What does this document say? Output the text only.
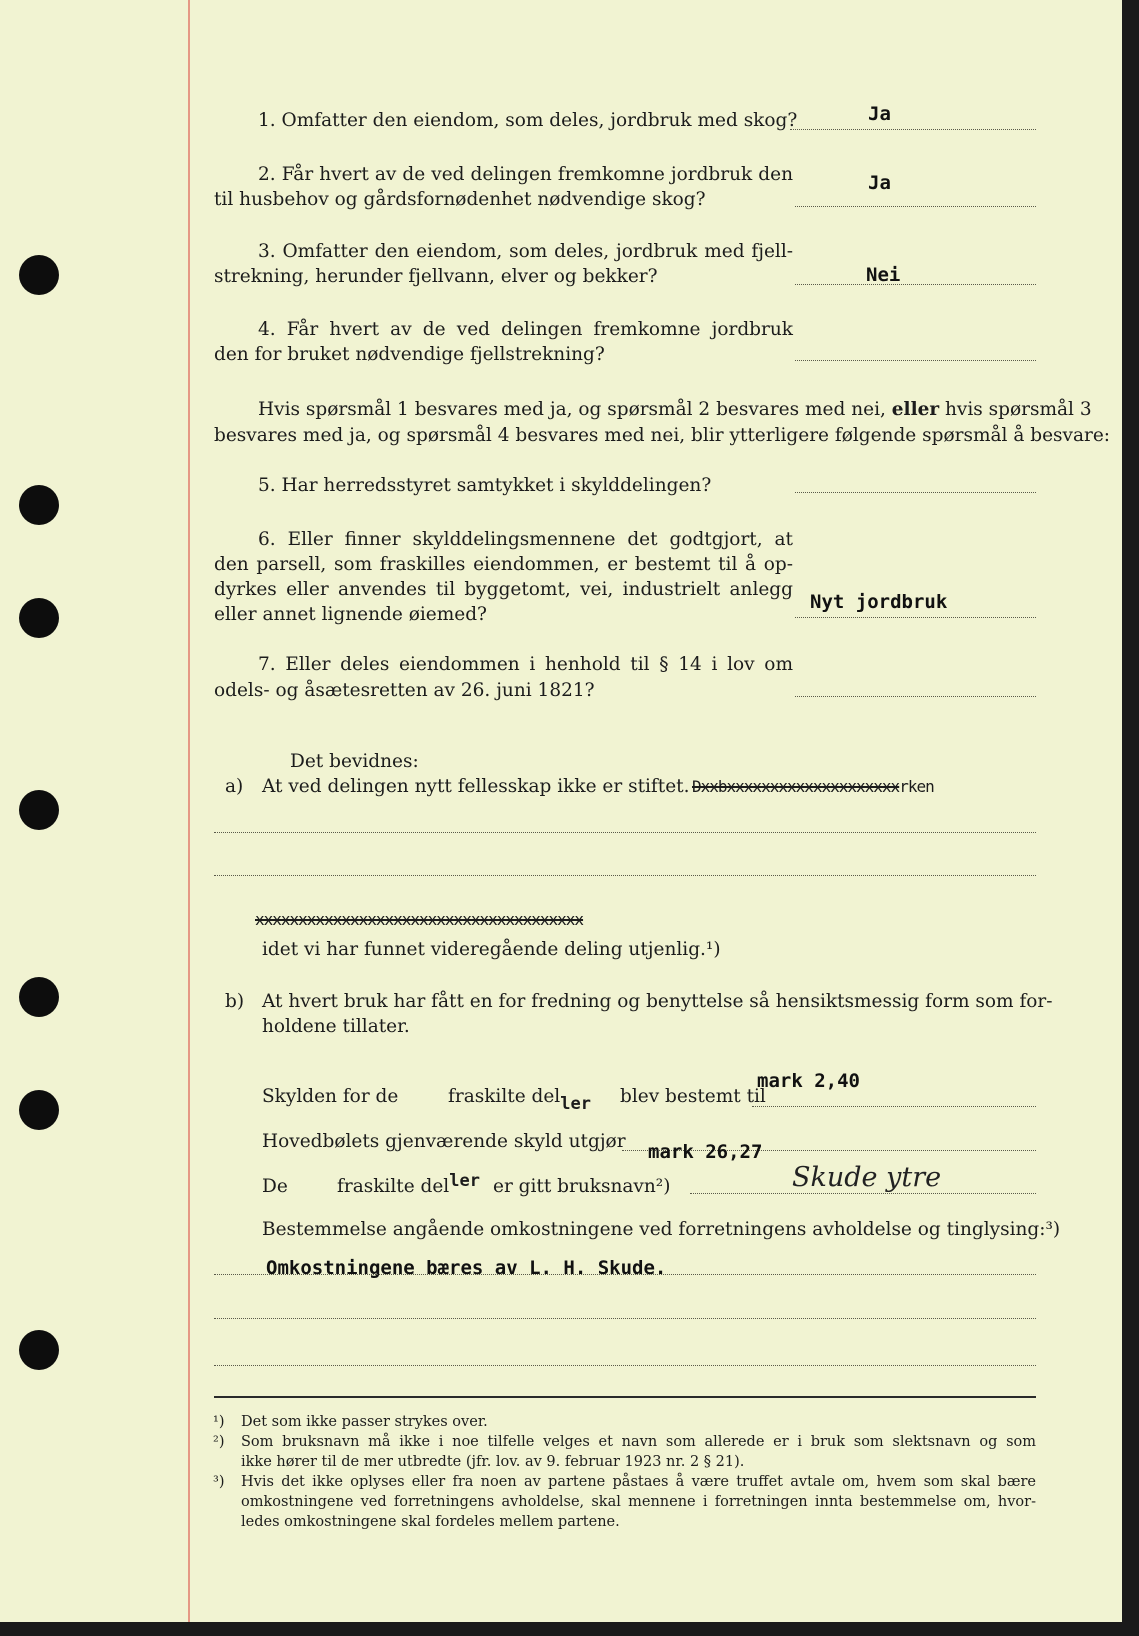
1. Omfatter den eiendom, som deles, jordbruk med skog?	Ja
2. Får hvert av de ved delingen fremkomne jordbruk den
til husbehov og gårdsfornødenhet nødvendige skog?
Ja
3. Omfatter den eiendom, som deles, jordbruk med fjell‑
strekning, herunder fjellvann, elver og bekker?	Nei
4. Får hvert av de ved delingen fremkomne jordbruk
den for bruket nødvendige fjellstrekning?
Hvis spørsmål 1 besvares med ja, og spørsmål 2 besvares med nei, eller hvis spørsmål 3
besvares med ja, og spørsmål 4 besvares med nei, blir ytterligere følgende spørsmål å besvare:
5. Har herredsstyret samtykket i skylddelingen?
6. Eller finner skylddelingsmennene det godtgjort, at
den parsell, som fraskilles eiendommen, er bestemt til å op‑
dyrkes eller anvendes til byggetomt, vei, industrielt anlegg
eller annet lignende øiemed?
Nyt jordbruk
7. Eller deles eiendommen i henhold til § 14 i lov om
odels‑ og åsætesretten av 26. juni 1821?
Det bevidnes:
a) At ved delingen nytt fellesskap ikke er stiftet. Dxxbxxxxxxxxxxxxxxxxxxxxrken
xxxxxxxxxxxxxxxxxxxxxxxxxxxxxxxxxxxxxx
idet vi har funnet videregående deling utjenlig.¹)
b) At hvert bruk har fått en for fredning og benyttelse så hensiktsmessig form som for‑
holdene tillater.
Skylden for de	fraskilte deller blev bestemt til
mark 2,40
Hovedbølets gjenværende skyld utgjør mark 26,27
De	fraskilte deller er gitt bruksnavn²)	Skude ytre
Bestemmelse angående omkostningene ved forretningens avholdelse og tinglysing:³)
Omkostningene bæres av L. H. Skude.
¹) Det som ikke passer strykes over.
²) Som bruksnavn må ikke i noe tilfelle velges et navn som allerede er i bruk som slektsnavn og som
ikke hører til de mer utbredte (jfr. lov. av 9. februar 1923 nr. 2 § 21).
³) Hvis det ikke oplyses eller fra noen av partene påstaes å være truffet avtale om, hvem som skal bære
omkostningene ved forretningens avholdelse, skal mennene i forretningen innta bestemmelse om, hvor‑
ledes omkostningene skal fordeles mellem partene.
